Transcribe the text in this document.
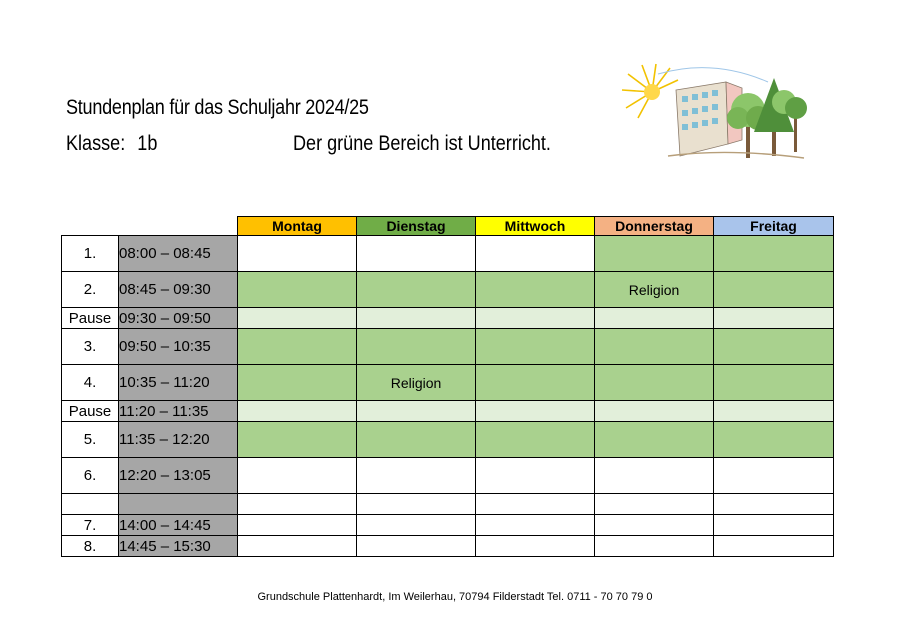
Stundenplan für das Schuljahr 2024/25
Klasse: 1b	Der grüne Bereich ist Unterricht.
		Montag	Dienstag	Mittwoch	Donnerstag	Freitag
1.	08:00 – 08:45					
2.	08:45 – 09:30				Religion	
Pause	09:30 – 09:50					
3.	09:50 – 10:35					
4.	10:35 – 11:20		Religion			
Pause	11:20 – 11:35					
5.	11:35 – 12:20					
6.	12:20 – 13:05					

7.	14:00 – 14:45					
8.	14:45 – 15:30					
Grundschule Plattenhardt, Im Weilerhau, 70794 Filderstadt Tel. 0711 - 70 70 79 0
